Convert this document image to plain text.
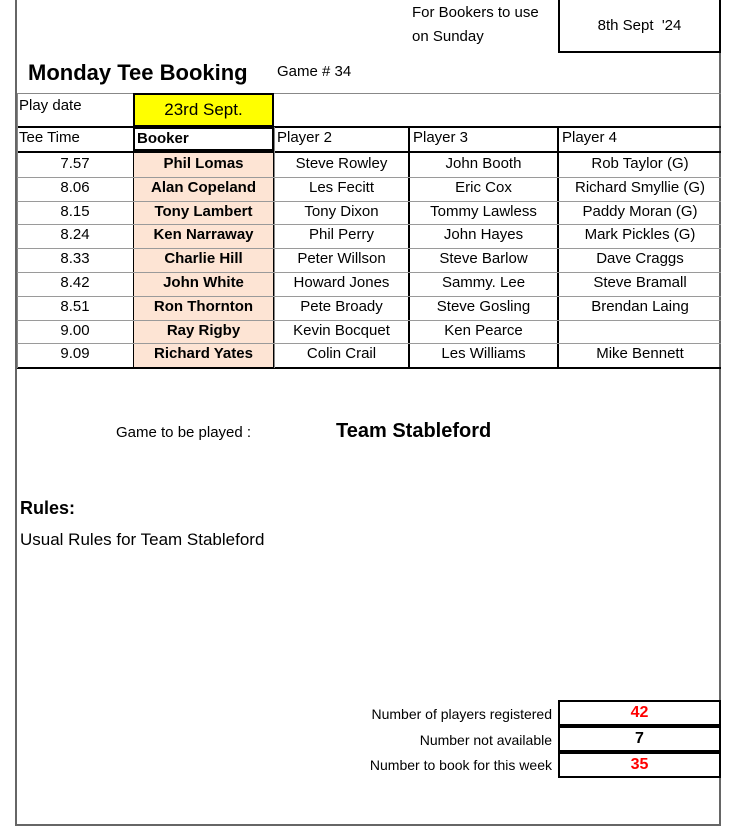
For Bookers to use
on Sunday
8th Sept  '24
Monday Tee Booking Game # 34
Play date	23rd Sept.
Tee Time	Booker	Player 2	Player 3	Player 4
7.57	Phil Lomas	Steve Rowley	John Booth	Rob Taylor (G)
8.06	Alan Copeland	Les Fecitt	Eric Cox	Richard Smyllie (G)
8.15	Tony Lambert	Tony Dixon	Tommy Lawless	Paddy Moran (G)
8.24	Ken Narraway	Phil Perry	John Hayes	Mark Pickles (G)
8.33	Charlie Hill	Peter Willson	Steve Barlow	Dave Craggs
8.42	John White	Howard Jones	Sammy. Lee	Steve Bramall
8.51	Ron Thornton	Pete Broady	Steve Gosling	Brendan Laing
9.00	Ray Rigby	Kevin Bocquet	Ken Pearce
9.09	Richard Yates	Colin Crail	Les Williams	Mike Bennett
Game to be played :	Team Stableford
Rules:
Usual Rules for Team Stableford
Number of players registered	42
Number not available	7
Number to book for this week	35
